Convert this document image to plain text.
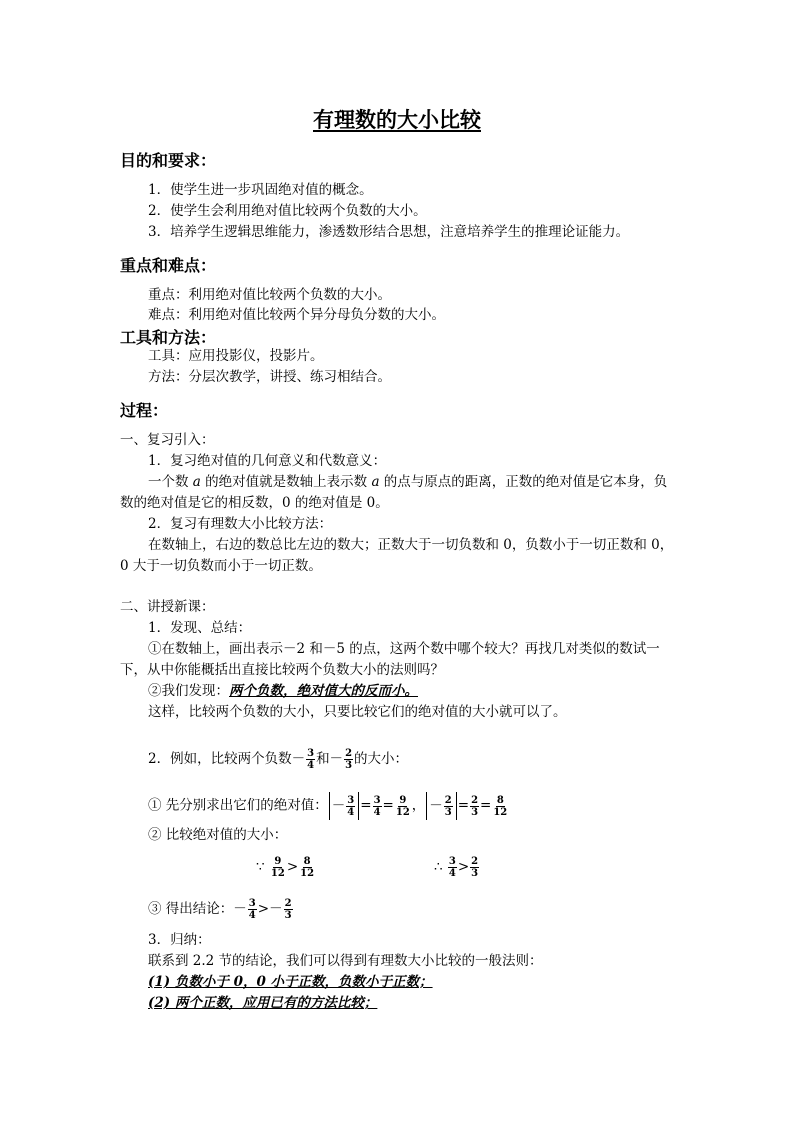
有理数的大小比较
目的和要求：
1．使学生进一步巩固绝对值的概念。
2．使学生会利用绝对值比较两个负数的大小。
3．培养学生逻辑思维能力，渗透数形结合思想，注意培养学生的推理论证能力。
重点和难点：
重点：利用绝对值比较两个负数的大小。
难点：利用绝对值比较两个异分母负分数的大小。
工具和方法：
工具：应用投影仪，投影片。
方法：分层次教学，讲授、练习相结合。
过程：
一、复习引入：
1．复习绝对值的几何意义和代数意义：
一个数 a 的绝对值就是数轴上表示数 a 的点与原点的距离，正数的绝对值是它本身，负
数的绝对值是它的相反数，0 的绝对值是 0。
2．复习有理数大小比较方法：
在数轴上，右边的数总比左边的数大；正数大于一切负数和 0，负数小于一切正数和 0，
0 大于一切负数而小于一切正数。
二、讲授新课：
1．发现、总结：
①在数轴上，画出表示－2 和－5 的点，这两个数中哪个较大？再找几对类似的数试一
下，从中你能概括出直接比较两个负数大小的法则吗？
②我们发现：两个负数，绝对值大的反而小。
这样，比较两个负数的大小，只要比较它们的绝对值的大小就可以了。
2．例如，比较两个负数－ $\frac{3}{4}$ 和－ $\frac{2}{3}$ 的大小：
① 先分别求出它们的绝对值： － $\frac{3}{4} = \frac{3}{4} = \frac{9}{12}$ ， － $\frac{2}{3} = \frac{2}{3} = \frac{8}{12}$
② 比较绝对值的大小：
∵ $\frac{9}{12} > \frac{8}{12}$	∴ $\frac{3}{4} > \frac{2}{3}$
③ 得出结论：－ $\frac{3}{4} >- \frac{2}{3}$
3．归纳：
联系到 2.2 节的结论，我们可以得到有理数大小比较的一般法则：
(1) 负数小于 0，0 小于正数，负数小于正数；
(2) 两个正数，应用已有的方法比较；
